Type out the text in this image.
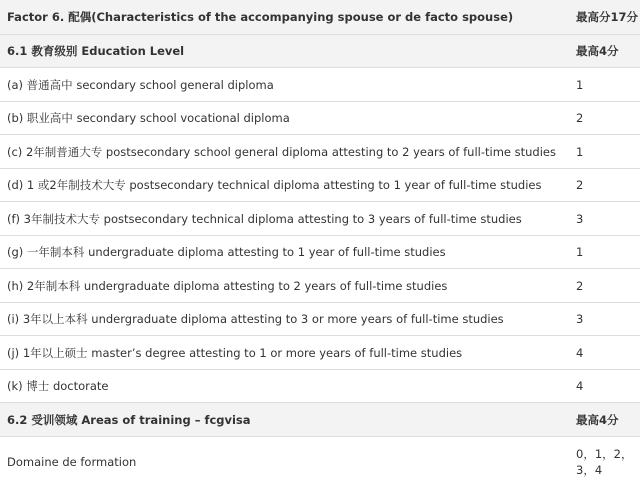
Factor 6. 配偶(Characteristics of the accompanying spouse or de facto spouse)	最高分17分
6.1 教育级别 Education Level	最高4分
(a) 普通高中 secondary school general diploma	1
(b) 职业高中 secondary school vocational diploma	2
(c) 2年制普通大专 postsecondary school general diploma attesting to 2 years of full-time studies	1
(d) 1 或2年制技术大专 postsecondary technical diploma attesting to 1 year of full-time studies	2
(f) 3年制技术大专 postsecondary technical diploma attesting to 3 years of full-time studies	3
(g) 一年制本科 undergraduate diploma attesting to 1 year of full-time studies	1
(h) 2年制本科 undergraduate diploma attesting to 2 years of full-time studies	2
(i) 3年以上本科 undergraduate diploma attesting to 3 or more years of full-time studies	3
(j) 1年以上硕士 master’s degree attesting to 1 or more years of full-time studies	4
(k) 博士 doctorate	4
6.2 受训领域 Areas of training – fcgvisa	最高4分
Domaine de formation	0，1，2，3，4
